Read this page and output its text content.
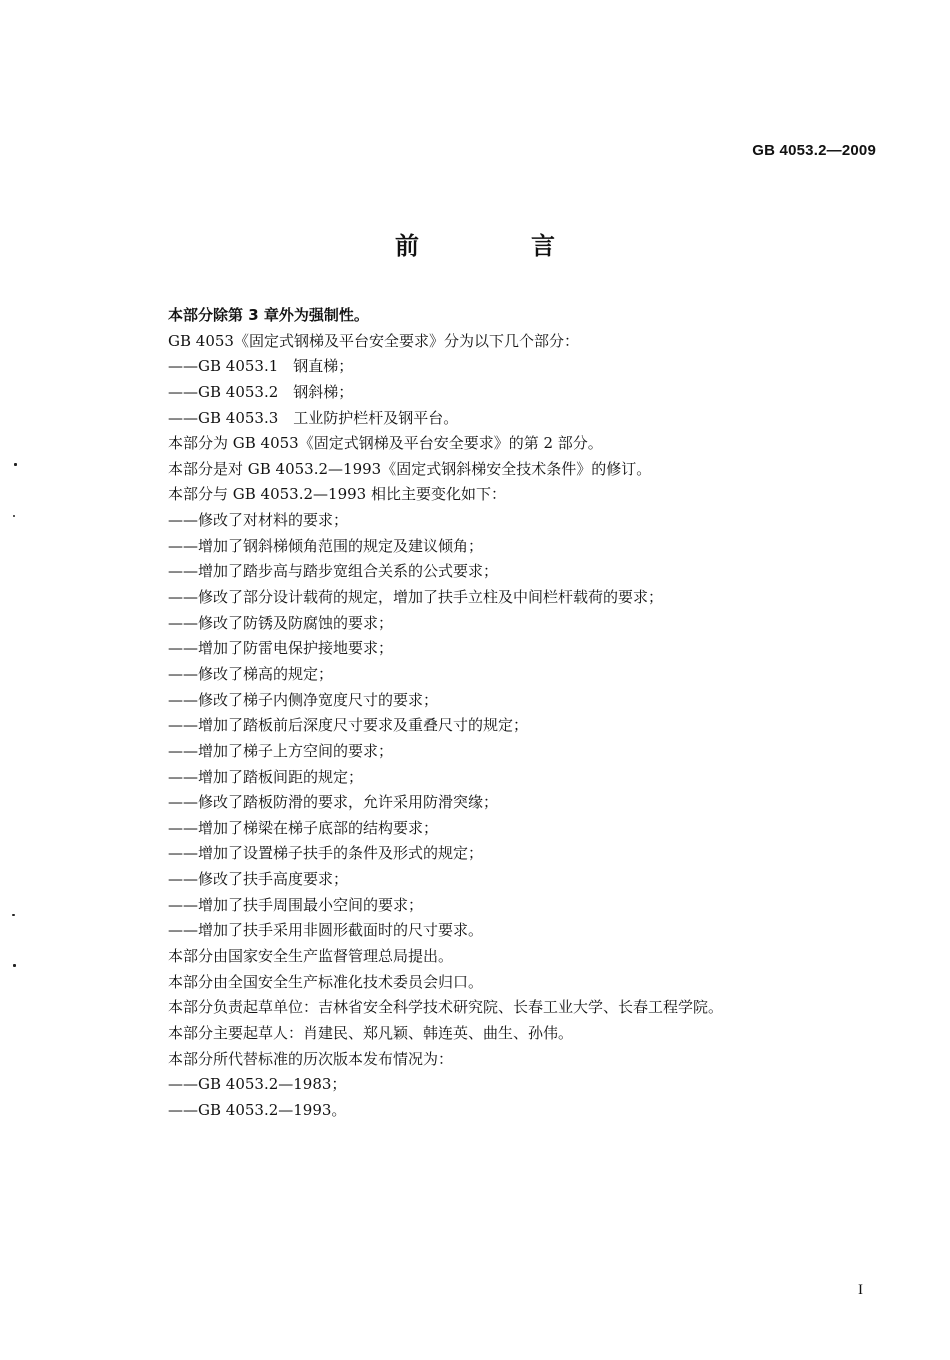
GB 4053.2—2009
前　言
本部分除第 3 章外为强制性。
GB 4053《固定式钢梯及平台安全要求》分为以下几个部分：
——GB 4053.1　钢直梯；
——GB 4053.2　钢斜梯；
——GB 4053.3　工业防护栏杆及钢平台。
本部分为 GB 4053《固定式钢梯及平台安全要求》的第 2 部分。
本部分是对 GB 4053.2—1993《固定式钢斜梯安全技术条件》的修订。
本部分与 GB 4053.2—1993 相比主要变化如下：
——修改了对材料的要求；
——增加了钢斜梯倾角范围的规定及建议倾角；
——增加了踏步高与踏步宽组合关系的公式要求；
——修改了部分设计载荷的规定，增加了扶手立柱及中间栏杆载荷的要求；
——修改了防锈及防腐蚀的要求；
——增加了防雷电保护接地要求；
——修改了梯高的规定；
——修改了梯子内侧净宽度尺寸的要求；
——增加了踏板前后深度尺寸要求及重叠尺寸的规定；
——增加了梯子上方空间的要求；
——增加了踏板间距的规定；
——修改了踏板防滑的要求，允许采用防滑突缘；
——增加了梯梁在梯子底部的结构要求；
——增加了设置梯子扶手的条件及形式的规定；
——修改了扶手高度要求；
——增加了扶手周围最小空间的要求；
——增加了扶手采用非圆形截面时的尺寸要求。
本部分由国家安全生产监督管理总局提出。
本部分由全国安全生产标准化技术委员会归口。
本部分负责起草单位：吉林省安全科学技术研究院、长春工业大学、长春工程学院。
本部分主要起草人：肖建民、郑凡颖、韩连英、曲生、孙伟。
本部分所代替标准的历次版本发布情况为：
——GB 4053.2—1983；
——GB 4053.2—1993。
I
